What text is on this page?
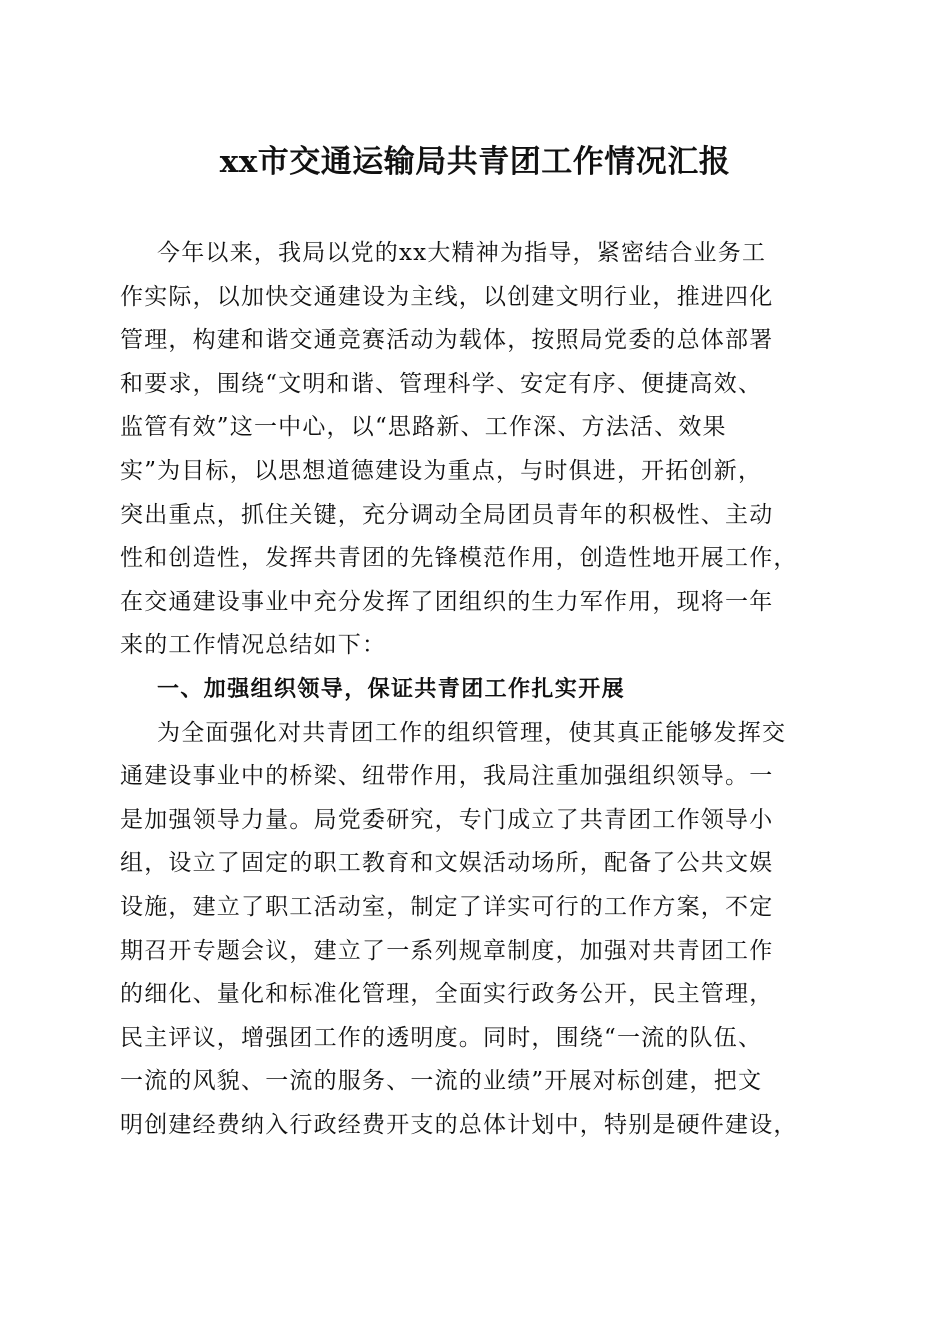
xx市交通运输局共青团工作情况汇报
今年以来，我局以党的xx大精神为指导，紧密结合业务工
作实际，以加快交通建设为主线，以创建文明行业，推进四化
管理，构建和谐交通竞赛活动为载体，按照局党委的总体部署
和要求，围绕“文明和谐、管理科学、安定有序、便捷高效、
监管有效”这一中心，以“思路新、工作深、方法活、效果
实”为目标，以思想道德建设为重点，与时俱进，开拓创新，
突出重点，抓住关键，充分调动全局团员青年的积极性、主动
性和创造性，发挥共青团的先锋模范作用，创造性地开展工作，
在交通建设事业中充分发挥了团组织的生力军作用，现将一年
来的工作情况总结如下：
一、加强组织领导，保证共青团工作扎实开展
为全面强化对共青团工作的组织管理，使其真正能够发挥交
通建设事业中的桥梁、纽带作用，我局注重加强组织领导。一
是加强领导力量。局党委研究，专门成立了共青团工作领导小
组，设立了固定的职工教育和文娱活动场所，配备了公共文娱
设施，建立了职工活动室，制定了详实可行的工作方案，不定
期召开专题会议，建立了一系列规章制度，加强对共青团工作
的细化、量化和标准化管理，全面实行政务公开，民主管理，
民主评议，增强团工作的透明度。同时，围绕“一流的队伍、
一流的风貌、一流的服务、一流的业绩”开展对标创建，把文
明创建经费纳入行政经费开支的总体计划中，特别是硬件建设，
